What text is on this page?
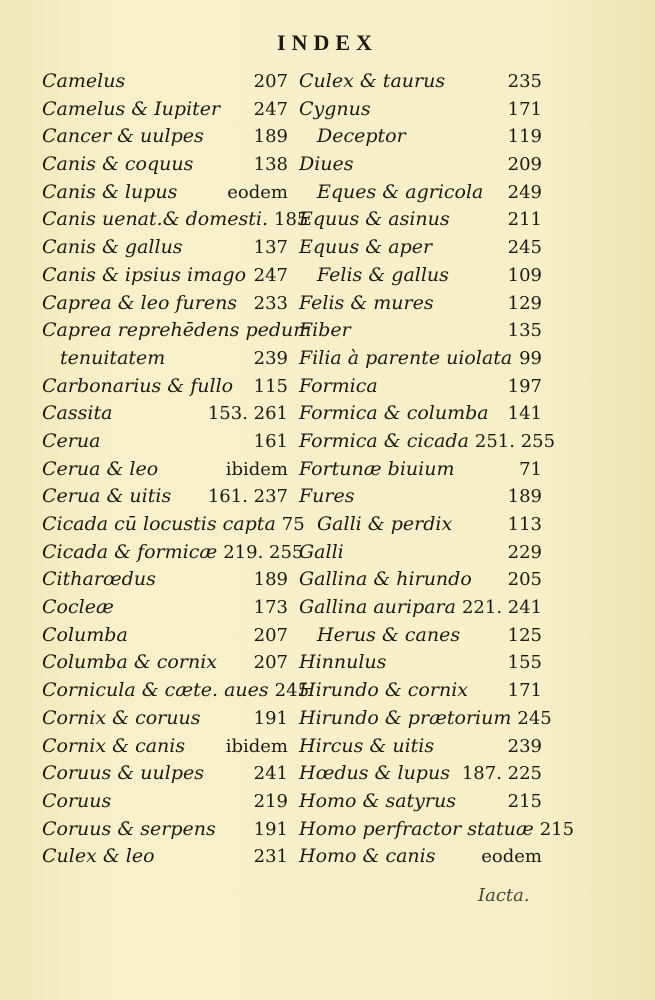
INDEX
Camelus	207
Camelus & Iupiter	247
Cancer & uulpes	189
Canis & coquus	138
Canis & lupus	eodem
Canis uenat.& domesti. 185
Canis & gallus	137
Canis & ipsius imago 247
Caprea & leo furens 233
Caprea reprehēdens pedum
tenuitatem	239
Carbonarius & fullo	115
Cassita	153. 261
Cerua	161
Cerua & leo	ibidem
Cerua & uitis	161. 237
Cicada cū locustis capta 75
Cicada & formicæ 219. 255
Citharœdus	189
Cocleæ	173
Columba	207
Columba & cornix	207
Cornicula & cæte. aues 245
Cornix & coruus	191
Cornix & canis	ibidem
Coruus & uulpes	241
Coruus	219
Coruus & serpens	191
Culex & leo	231
Culex & taurus	235
Cygnus	171
Deceptor	119
Diues	209
Eques & agricola	249
Equus & asinus	211
Equus & aper	245
Felis & gallus	109
Felis & mures	129
Fiber	135
Filia à parente uiolata 99
Formica	197
Formica & columba	141
Formica & cicada 251. 255
Fortunæ biuium	71
Fures	189
Galli & perdix	113
Galli	229
Gallina & hirundo	205
Gallina auripara 221. 241
Herus & canes	125
Hinnulus	155
Hirundo & cornix	171
Hirundo & prætorium 245
Hircus & uitis	239
Hœdus & lupus 187. 225
Homo & satyrus	215
Homo perfractor statuæ 215
Homo & canis	eodem
Iacta.
